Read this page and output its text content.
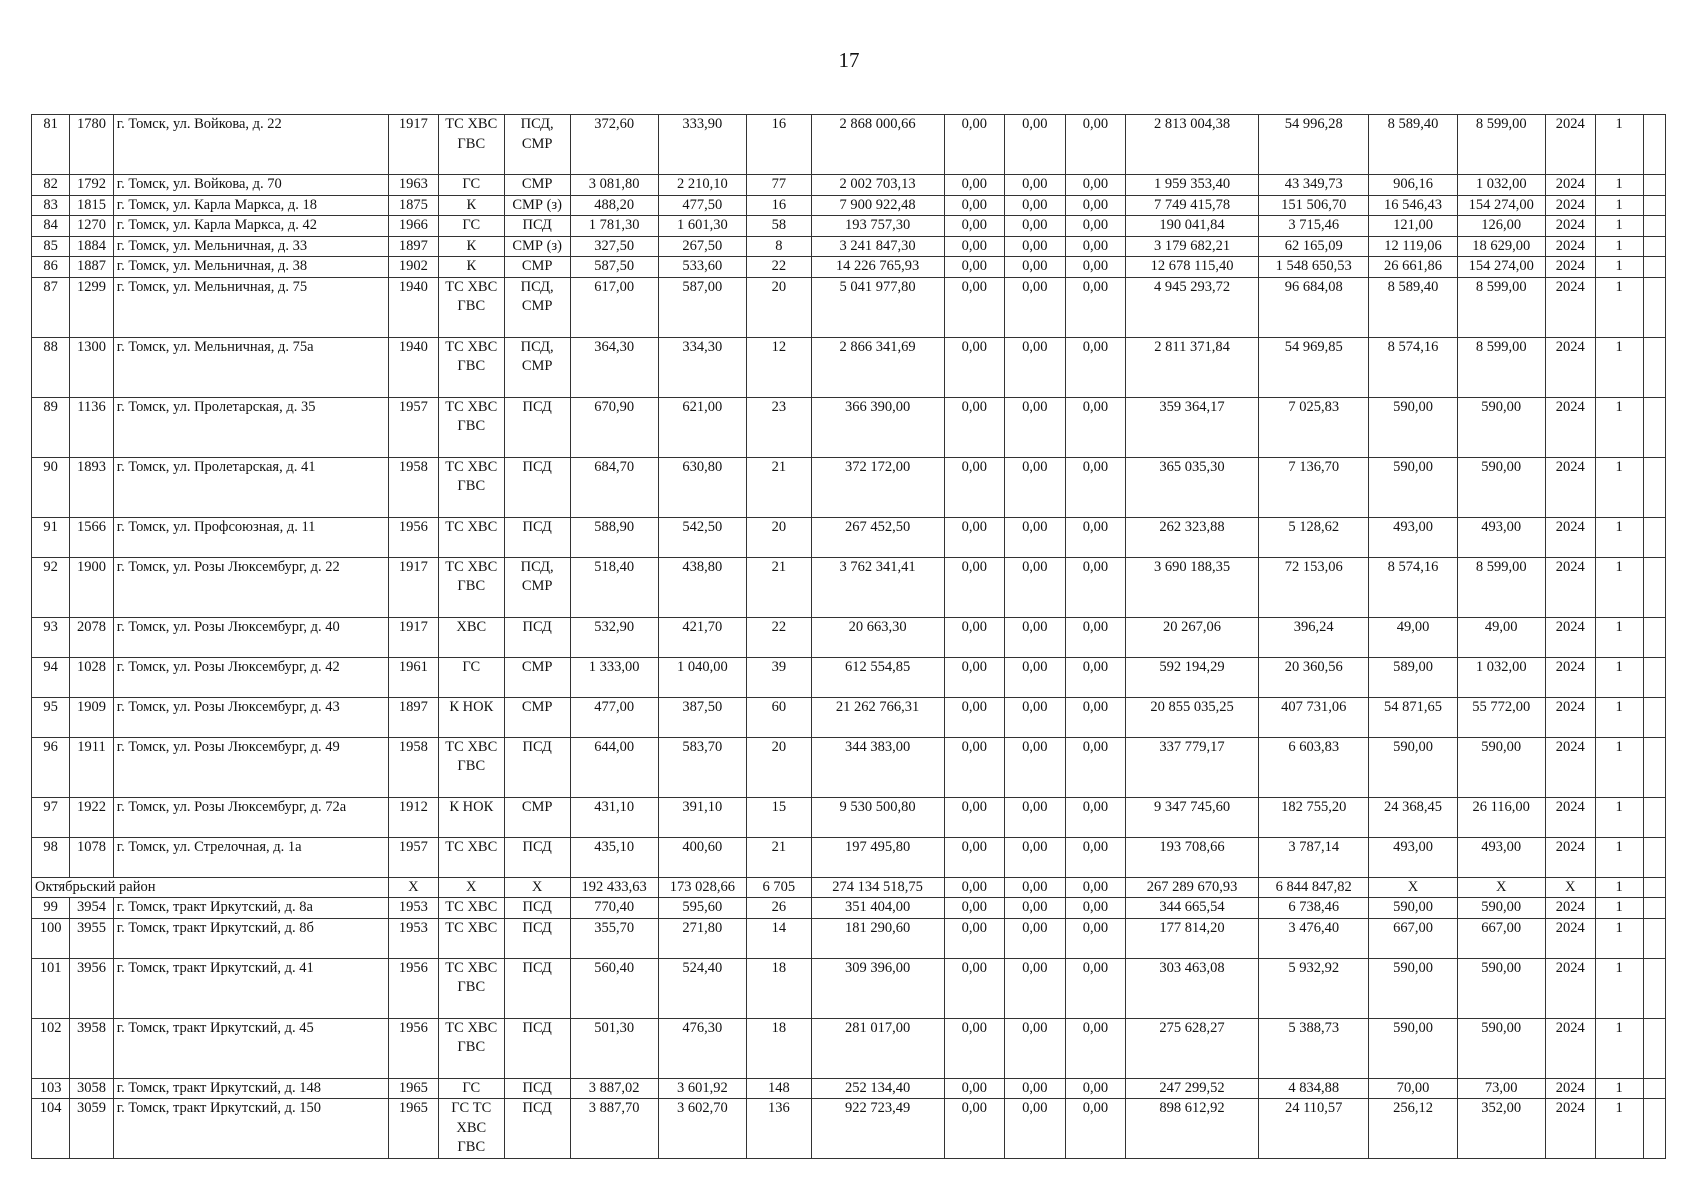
17
81	1780	г. Томск, ул. Войкова, д. 22	1917	ТС ХВС ГВС	ПСД, СМР	372,60	333,90	16	2 868 000,66	0,00	0,00	0,00	2 813 004,38	54 996,28	8 589,40	8 599,00	2024	1	
82	1792	г. Томск, ул. Войкова, д. 70	1963	ГС	СМР	3 081,80	2 210,10	77	2 002 703,13	0,00	0,00	0,00	1 959 353,40	43 349,73	906,16	1 032,00	2024	1	
83	1815	г. Томск, ул. Карла Маркса, д. 18	1875	К	СМР (з)	488,20	477,50	16	7 900 922,48	0,00	0,00	0,00	7 749 415,78	151 506,70	16 546,43	154 274,00	2024	1	
84	1270	г. Томск, ул. Карла Маркса, д. 42	1966	ГС	ПСД	1 781,30	1 601,30	58	193 757,30	0,00	0,00	0,00	190 041,84	3 715,46	121,00	126,00	2024	1	
85	1884	г. Томск, ул. Мельничная, д. 33	1897	К	СМР (з)	327,50	267,50	8	3 241 847,30	0,00	0,00	0,00	3 179 682,21	62 165,09	12 119,06	18 629,00	2024	1	
86	1887	г. Томск, ул. Мельничная, д. 38	1902	К	СМР	587,50	533,60	22	14 226 765,93	0,00	0,00	0,00	12 678 115,40	1 548 650,53	26 661,86	154 274,00	2024	1	
87	1299	г. Томск, ул. Мельничная, д. 75	1940	ТС ХВС ГВС	ПСД, СМР	617,00	587,00	20	5 041 977,80	0,00	0,00	0,00	4 945 293,72	96 684,08	8 589,40	8 599,00	2024	1	
88	1300	г. Томск, ул. Мельничная, д. 75а	1940	ТС ХВС ГВС	ПСД, СМР	364,30	334,30	12	2 866 341,69	0,00	0,00	0,00	2 811 371,84	54 969,85	8 574,16	8 599,00	2024	1	
89	1136	г. Томск, ул. Пролетарская, д. 35	1957	ТС ХВС ГВС	ПСД	670,90	621,00	23	366 390,00	0,00	0,00	0,00	359 364,17	7 025,83	590,00	590,00	2024	1	
90	1893	г. Томск, ул. Пролетарская, д. 41	1958	ТС ХВС ГВС	ПСД	684,70	630,80	21	372 172,00	0,00	0,00	0,00	365 035,30	7 136,70	590,00	590,00	2024	1	
91	1566	г. Томск, ул. Профсоюзная, д. 11	1956	ТС ХВС	ПСД	588,90	542,50	20	267 452,50	0,00	0,00	0,00	262 323,88	5 128,62	493,00	493,00	2024	1	
92	1900	г. Томск, ул. Розы Люксембург, д. 22	1917	ТС ХВС ГВС	ПСД, СМР	518,40	438,80	21	3 762 341,41	0,00	0,00	0,00	3 690 188,35	72 153,06	8 574,16	8 599,00	2024	1	
93	2078	г. Томск, ул. Розы Люксембург, д. 40	1917	ХВС	ПСД	532,90	421,70	22	20 663,30	0,00	0,00	0,00	20 267,06	396,24	49,00	49,00	2024	1	
94	1028	г. Томск, ул. Розы Люксембург, д. 42	1961	ГС	СМР	1 333,00	1 040,00	39	612 554,85	0,00	0,00	0,00	592 194,29	20 360,56	589,00	1 032,00	2024	1	
95	1909	г. Томск, ул. Розы Люксембург, д. 43	1897	К НОК	СМР	477,00	387,50	60	21 262 766,31	0,00	0,00	0,00	20 855 035,25	407 731,06	54 871,65	55 772,00	2024	1	
96	1911	г. Томск, ул. Розы Люксембург, д. 49	1958	ТС ХВС ГВС	ПСД	644,00	583,70	20	344 383,00	0,00	0,00	0,00	337 779,17	6 603,83	590,00	590,00	2024	1	
97	1922	г. Томск, ул. Розы Люксембург, д. 72а	1912	К НОК	СМР	431,10	391,10	15	9 530 500,80	0,00	0,00	0,00	9 347 745,60	182 755,20	24 368,45	26 116,00	2024	1	
98	1078	г. Томск, ул. Стрелочная, д. 1а	1957	ТС ХВС	ПСД	435,10	400,60	21	197 495,80	0,00	0,00	0,00	193 708,66	3 787,14	493,00	493,00	2024	1	
Октябрьский район			X	X	X	192 433,63	173 028,66	6 705	274 134 518,75	0,00	0,00	0,00	267 289 670,93	6 844 847,82	X	X	X	1	
99	3954	г. Томск, тракт Иркутский, д. 8а	1953	ТС ХВС	ПСД	770,40	595,60	26	351 404,00	0,00	0,00	0,00	344 665,54	6 738,46	590,00	590,00	2024	1	
100	3955	г. Томск, тракт Иркутский, д. 8б	1953	ТС ХВС	ПСД	355,70	271,80	14	181 290,60	0,00	0,00	0,00	177 814,20	3 476,40	667,00	667,00	2024	1	
101	3956	г. Томск, тракт Иркутский, д. 41	1956	ТС ХВС ГВС	ПСД	560,40	524,40	18	309 396,00	0,00	0,00	0,00	303 463,08	5 932,92	590,00	590,00	2024	1	
102	3958	г. Томск, тракт Иркутский, д. 45	1956	ТС ХВС ГВС	ПСД	501,30	476,30	18	281 017,00	0,00	0,00	0,00	275 628,27	5 388,73	590,00	590,00	2024	1	
103	3058	г. Томск, тракт Иркутский, д. 148	1965	ГС	ПСД	3 887,02	3 601,92	148	252 134,40	0,00	0,00	0,00	247 299,52	4 834,88	70,00	73,00	2024	1	
104	3059	г. Томск, тракт Иркутский, д. 150	1965	ГС ТС ХВС ГВС	ПСД	3 887,70	3 602,70	136	922 723,49	0,00	0,00	0,00	898 612,92	24 110,57	256,12	352,00	2024	1	
